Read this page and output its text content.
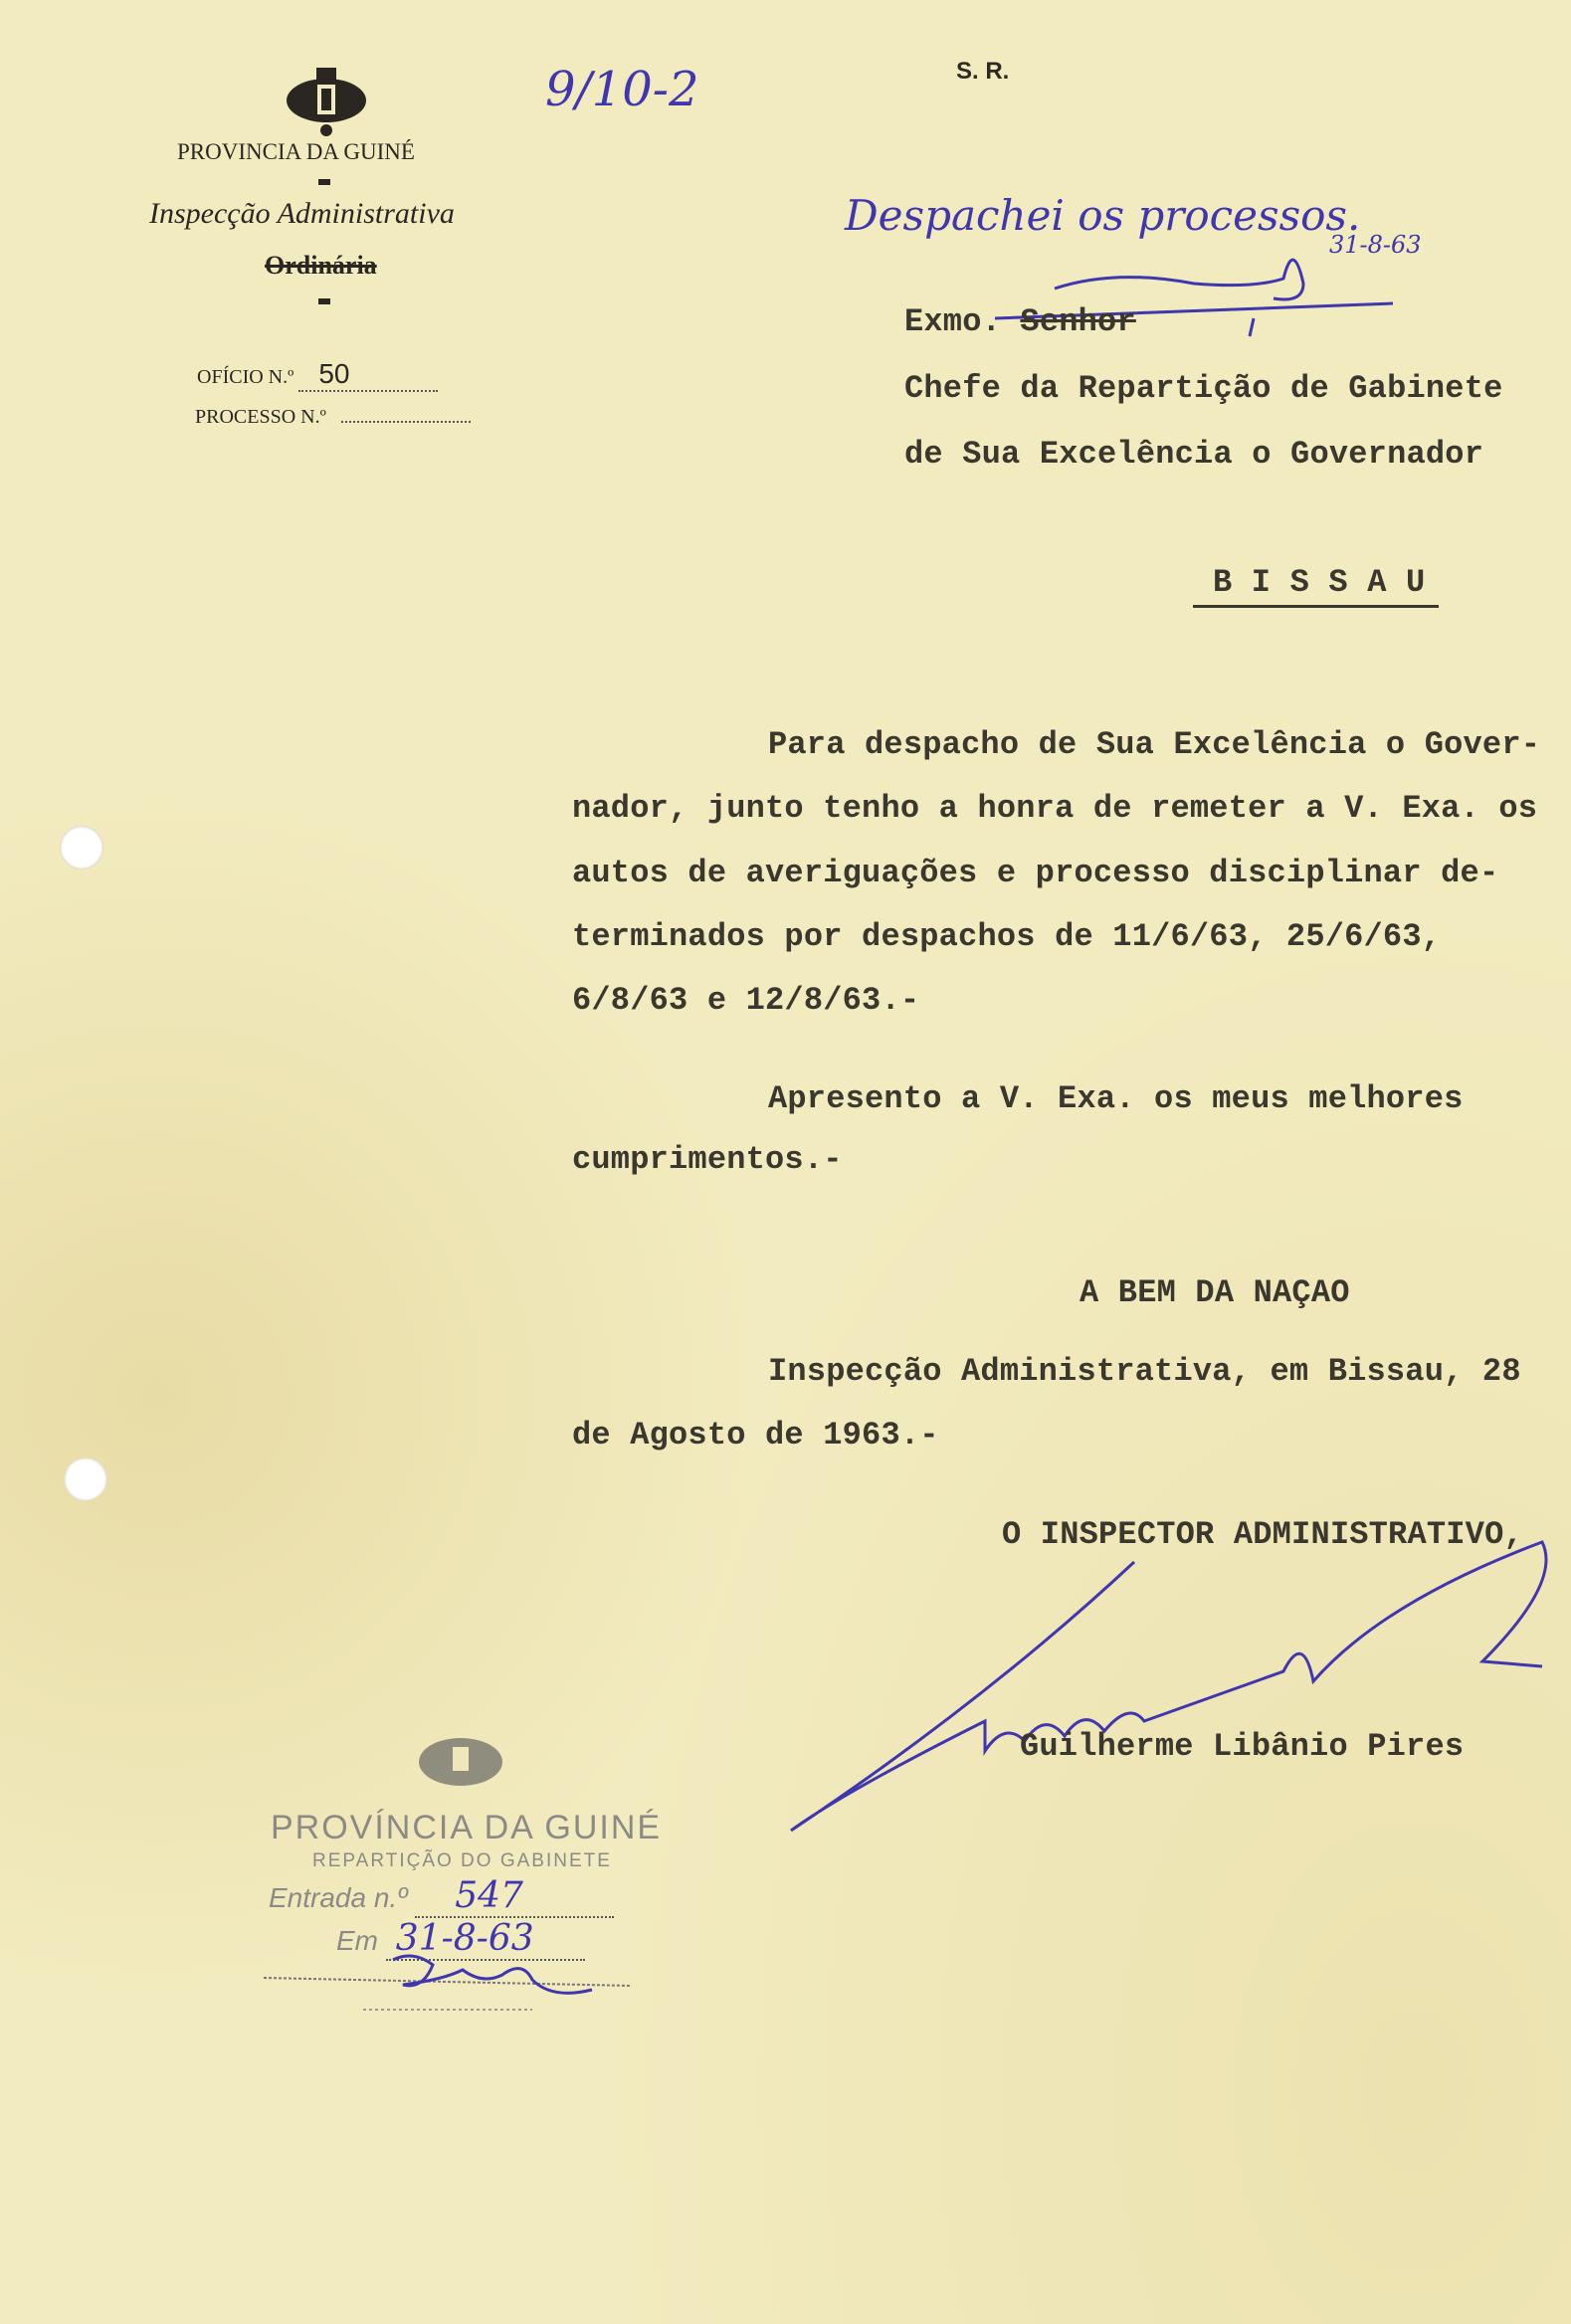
PROVINCIA DA GUINÉ
Inspecção Administrativa
Ordinária
OFÍCIO N.º 50
PROCESSO N.º
9/10-2	S. R.
Despachei os processos.
31-8-63
Exmo. Senhor
Chefe da Repartição de Gabinete
de Sua Excelência o Governador
B I S S A U
Para despacho de Sua Excelência o Gover-
nador, junto tenho a honra de remeter a V. Exa. os
autos de averiguações e processo disciplinar de-
terminados por despachos de 11/6/63, 25/6/63,
6/8/63 e 12/8/63.-
Apresento a V. Exa. os meus melhores
cumprimentos.-
A BEM DA NAÇAO
Inspecção Administrativa, em Bissau, 28
de Agosto de 1963.-
O INSPECTOR ADMINISTRATIVO,
Guilherme Libânio Pires
PROVÍNCIA DA GUINÉ
REPARTIÇÃO DO GABINETE
Entrada n.º 547
Em 31-8-63
